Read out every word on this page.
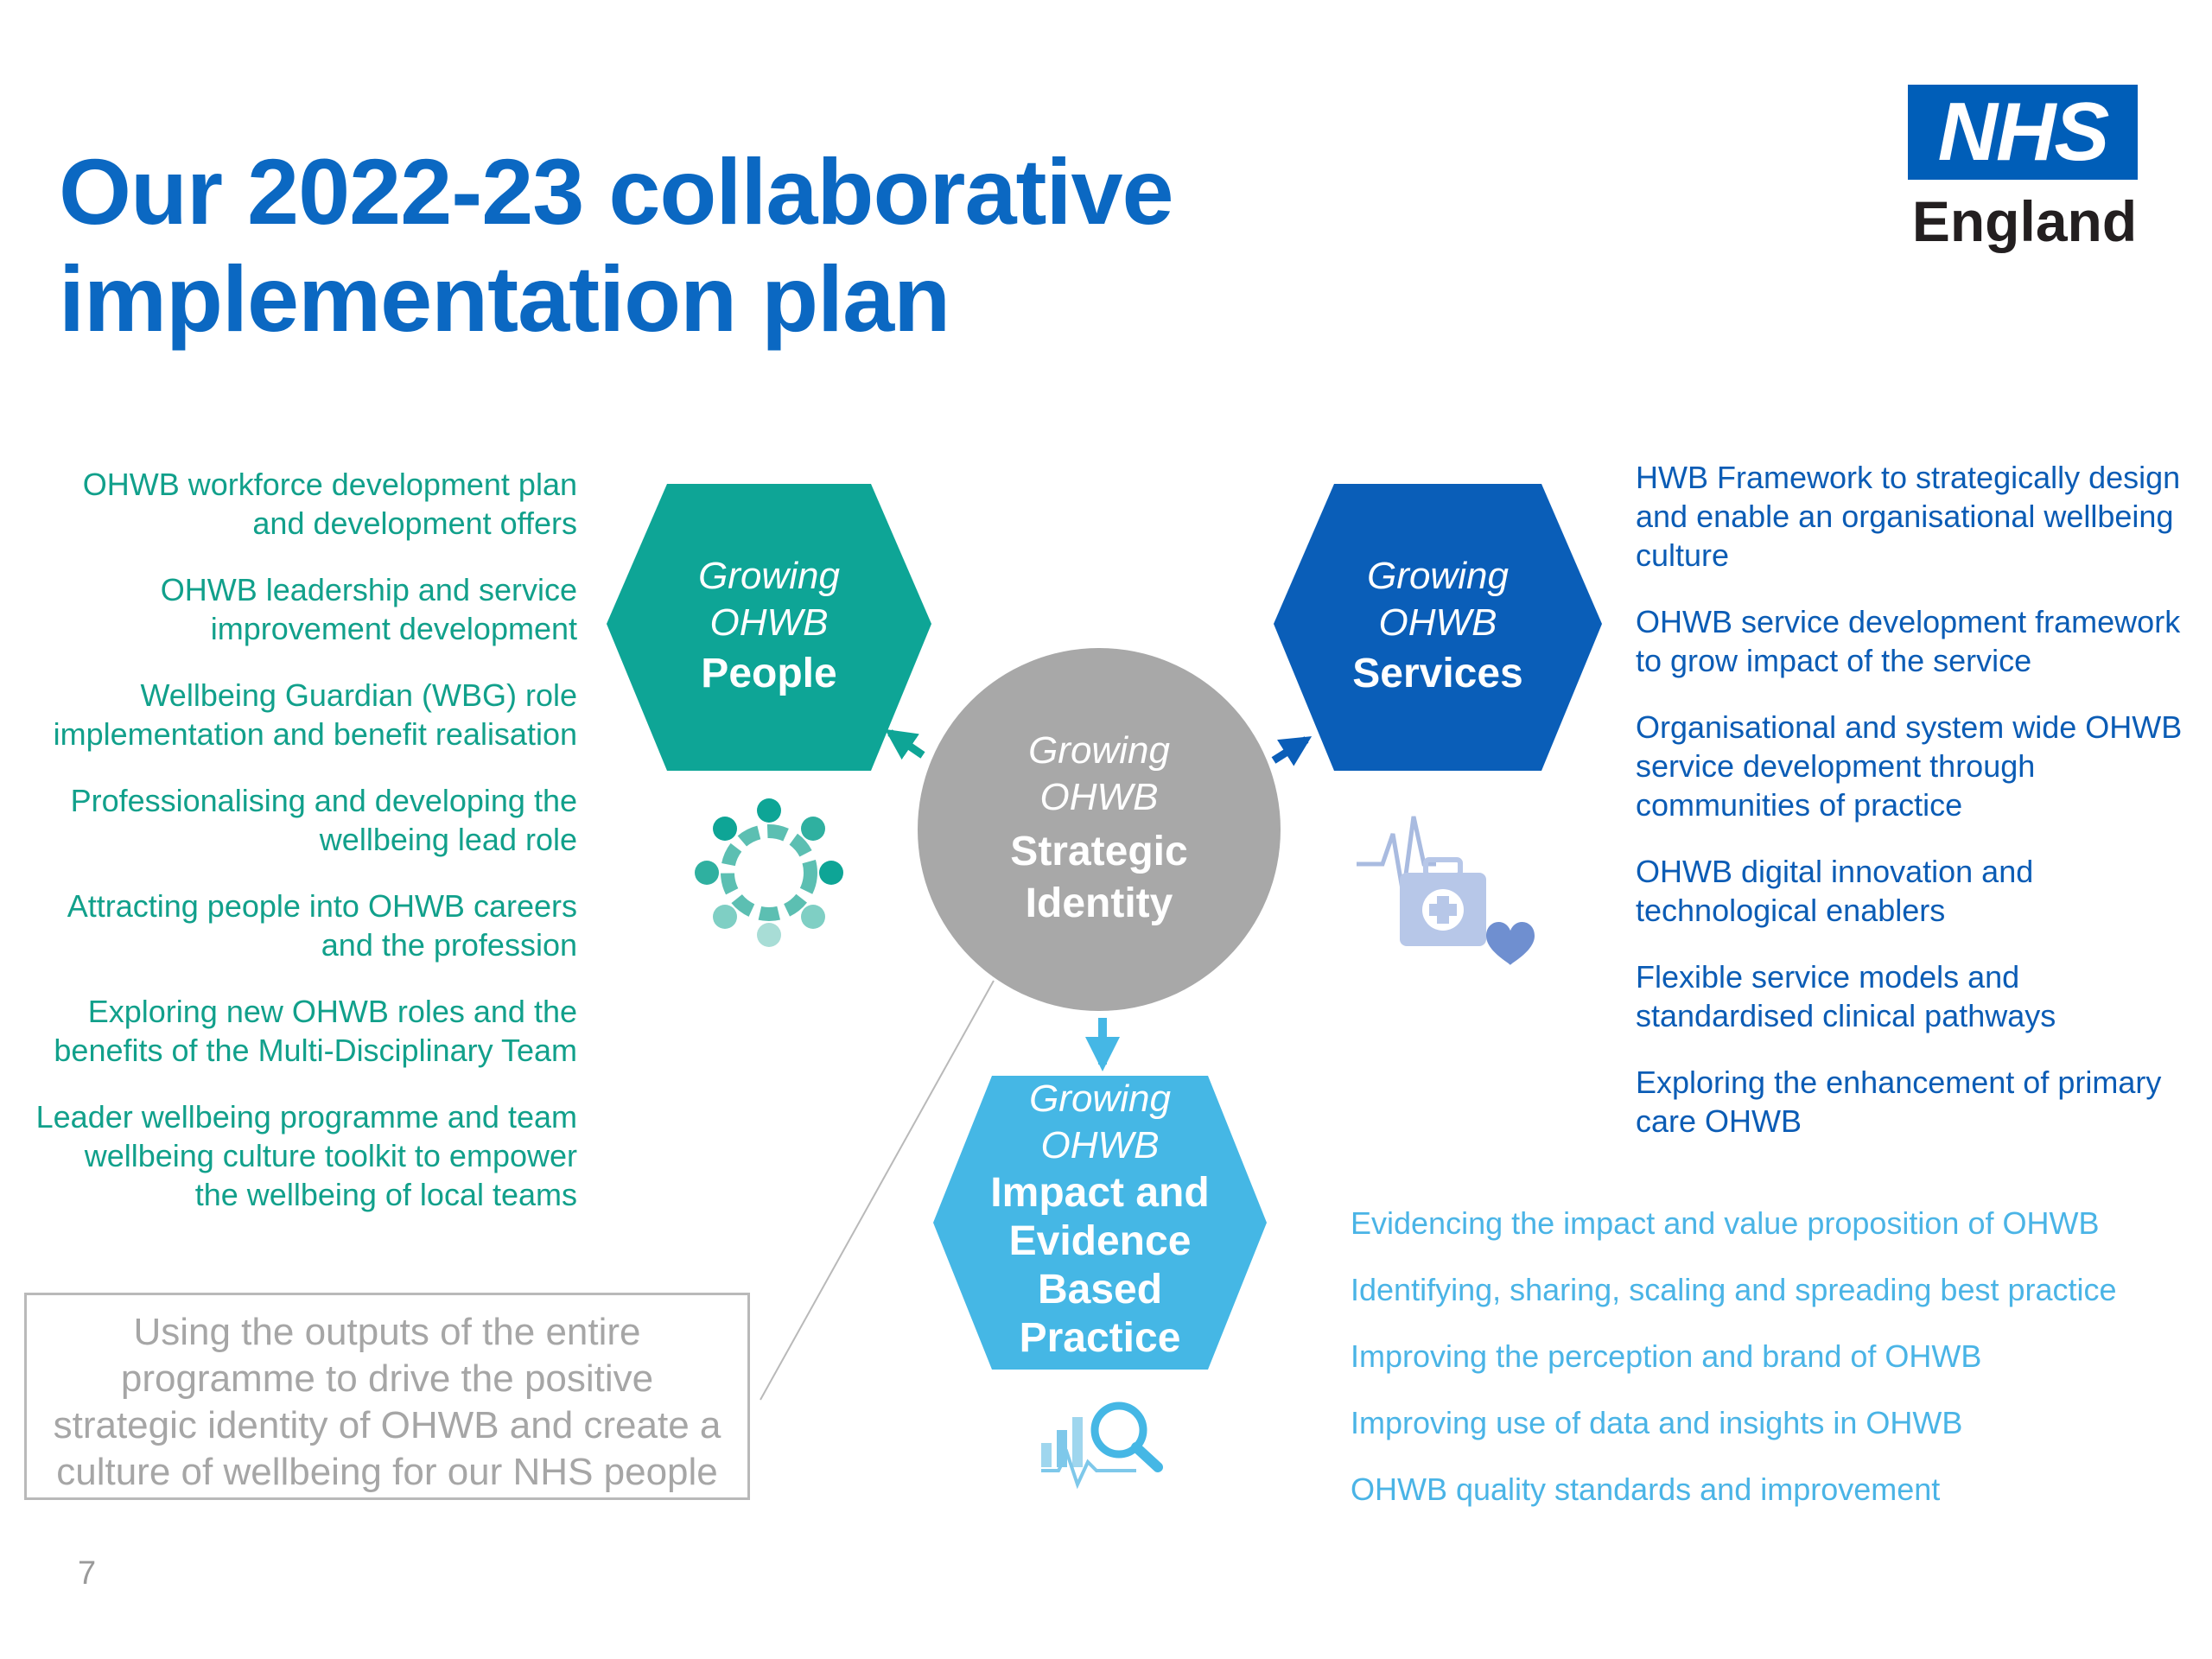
Our 2022-23 collaborative
implementation plan
NHS
England
Growing
OHWB
People
Growing
OHWB
Services
Growing
OHWB
Strategic
Identity
Growing
OHWB
Impact and
Evidence
Based
Practice
OHWB workforce development plan
and development offers
OHWB leadership and service
improvement development
Wellbeing Guardian (WBG) role
implementation and benefit realisation
Professionalising and developing the
wellbeing lead role
Attracting people into OHWB careers
and the profession
Exploring new OHWB roles and the
benefits of the Multi-Disciplinary Team
Leader wellbeing programme and team
wellbeing culture toolkit to empower
the wellbeing of local teams
HWB Framework to strategically design
and enable an organisational wellbeing
culture
OHWB service development framework
to grow impact of the service
Organisational and system wide OHWB
service development through
communities of practice
OHWB digital innovation and
technological enablers
Flexible service models and
standardised clinical pathways
Exploring the enhancement of primary
care OHWB
Evidencing the impact and value proposition of OHWB
Identifying, sharing, scaling and spreading best practice
Improving the perception and brand of OHWB
Improving use of data and insights in OHWB
OHWB quality standards and improvement
Using the outputs of the entire
programme to drive the positive
strategic identity of OHWB and create a
culture of wellbeing for our NHS people
7
